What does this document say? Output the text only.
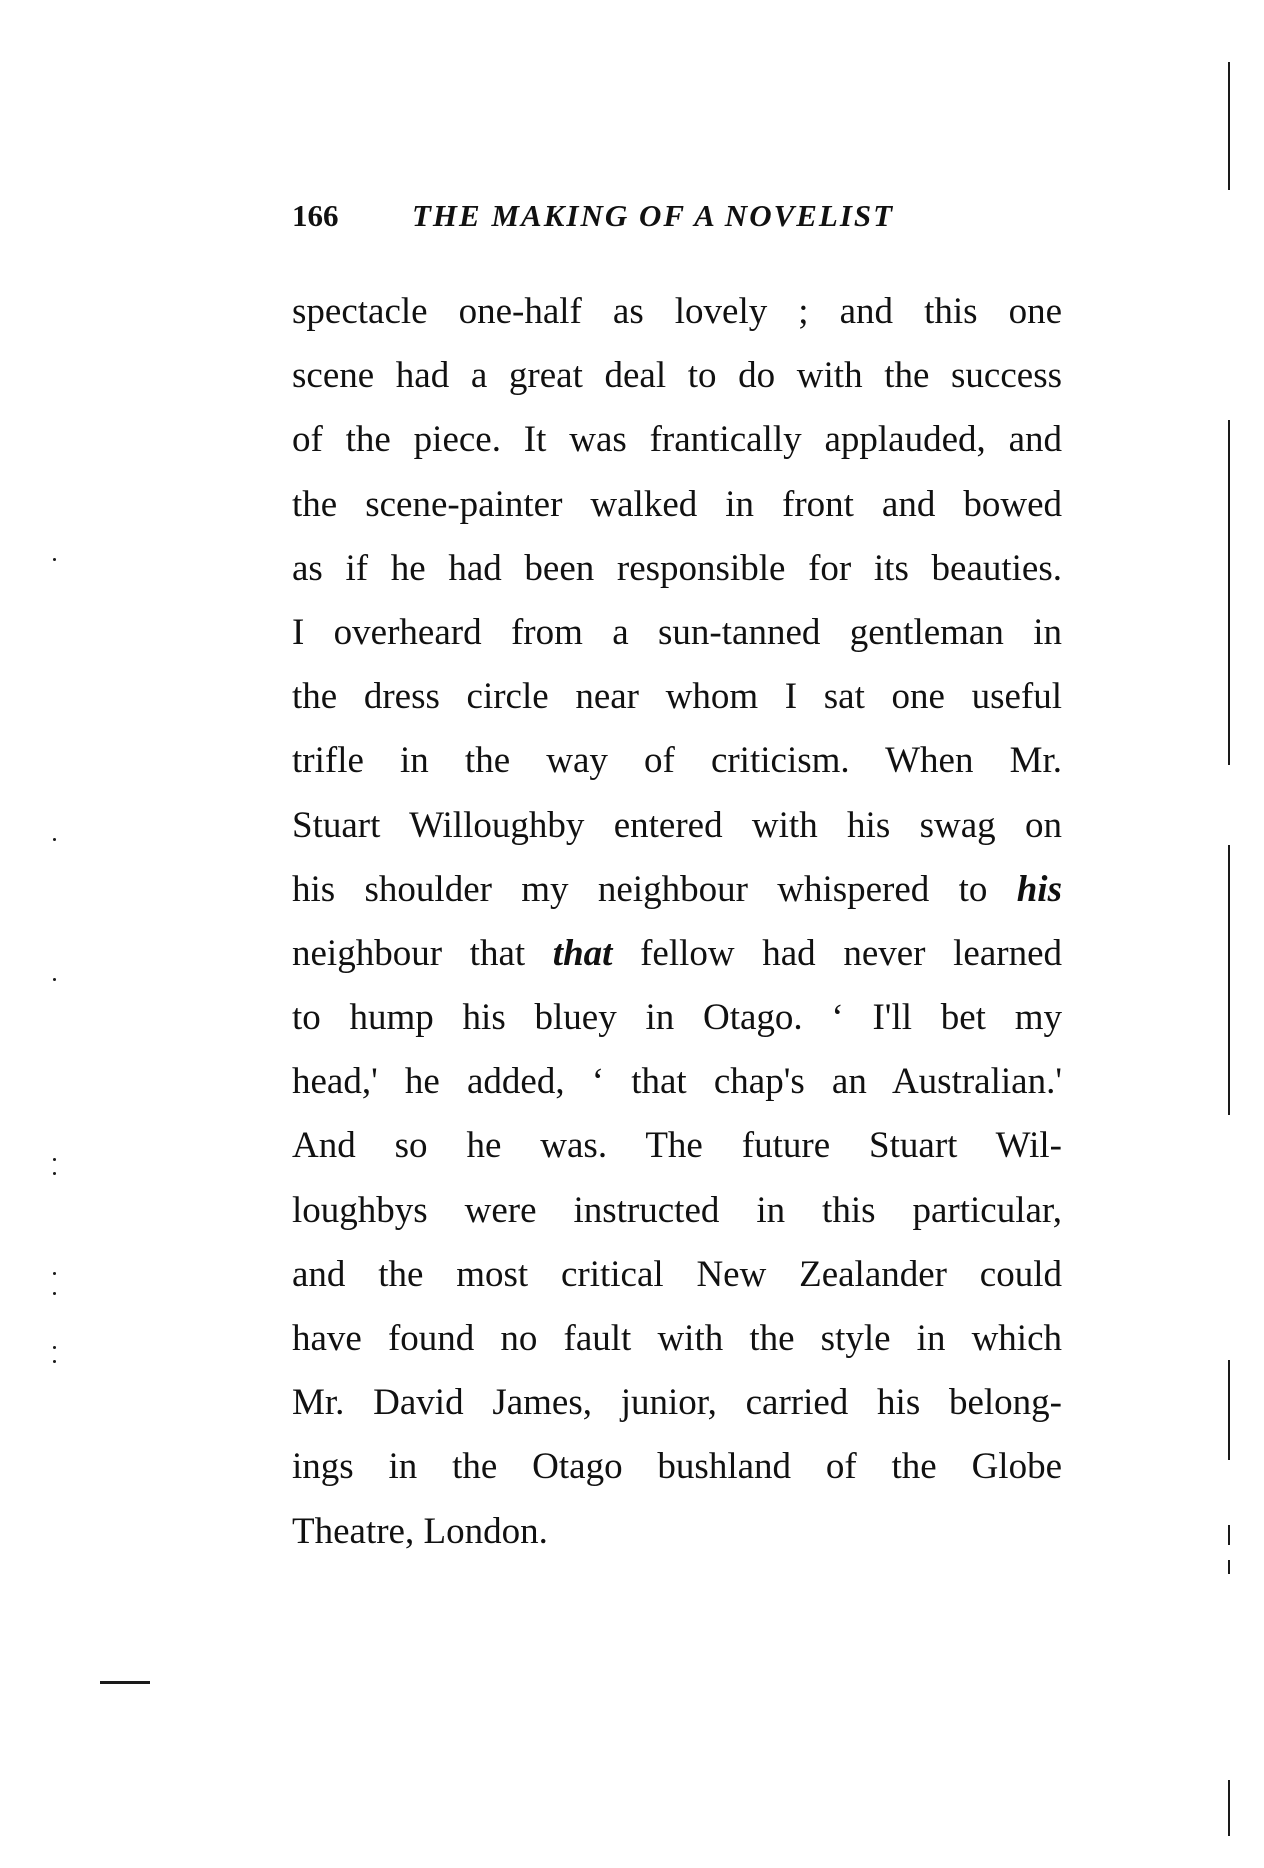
166 THE MAKING OF A NOVELIST
spectacle one-half as lovely ; and this one
scene had a great deal to do with the success
of the piece. It was frantically applauded, and
the scene-painter walked in front and bowed
as if he had been responsible for its beauties.
I overheard from a sun-tanned gentleman in
the dress circle near whom I sat one useful
trifle in the way of criticism. When Mr.
Stuart Willoughby entered with his swag on
his shoulder my neighbour whispered to his
neighbour that that fellow had never learned
to hump his bluey in Otago. ‘ I'll bet my
head,' he added, ‘ that chap's an Australian.'
And so he was. The future Stuart Wil-
loughbys were instructed in this particular,
and the most critical New Zealander could
have found no fault with the style in which
Mr. David James, junior, carried his belong-
ings in the Otago bushland of the Globe
Theatre, London.
